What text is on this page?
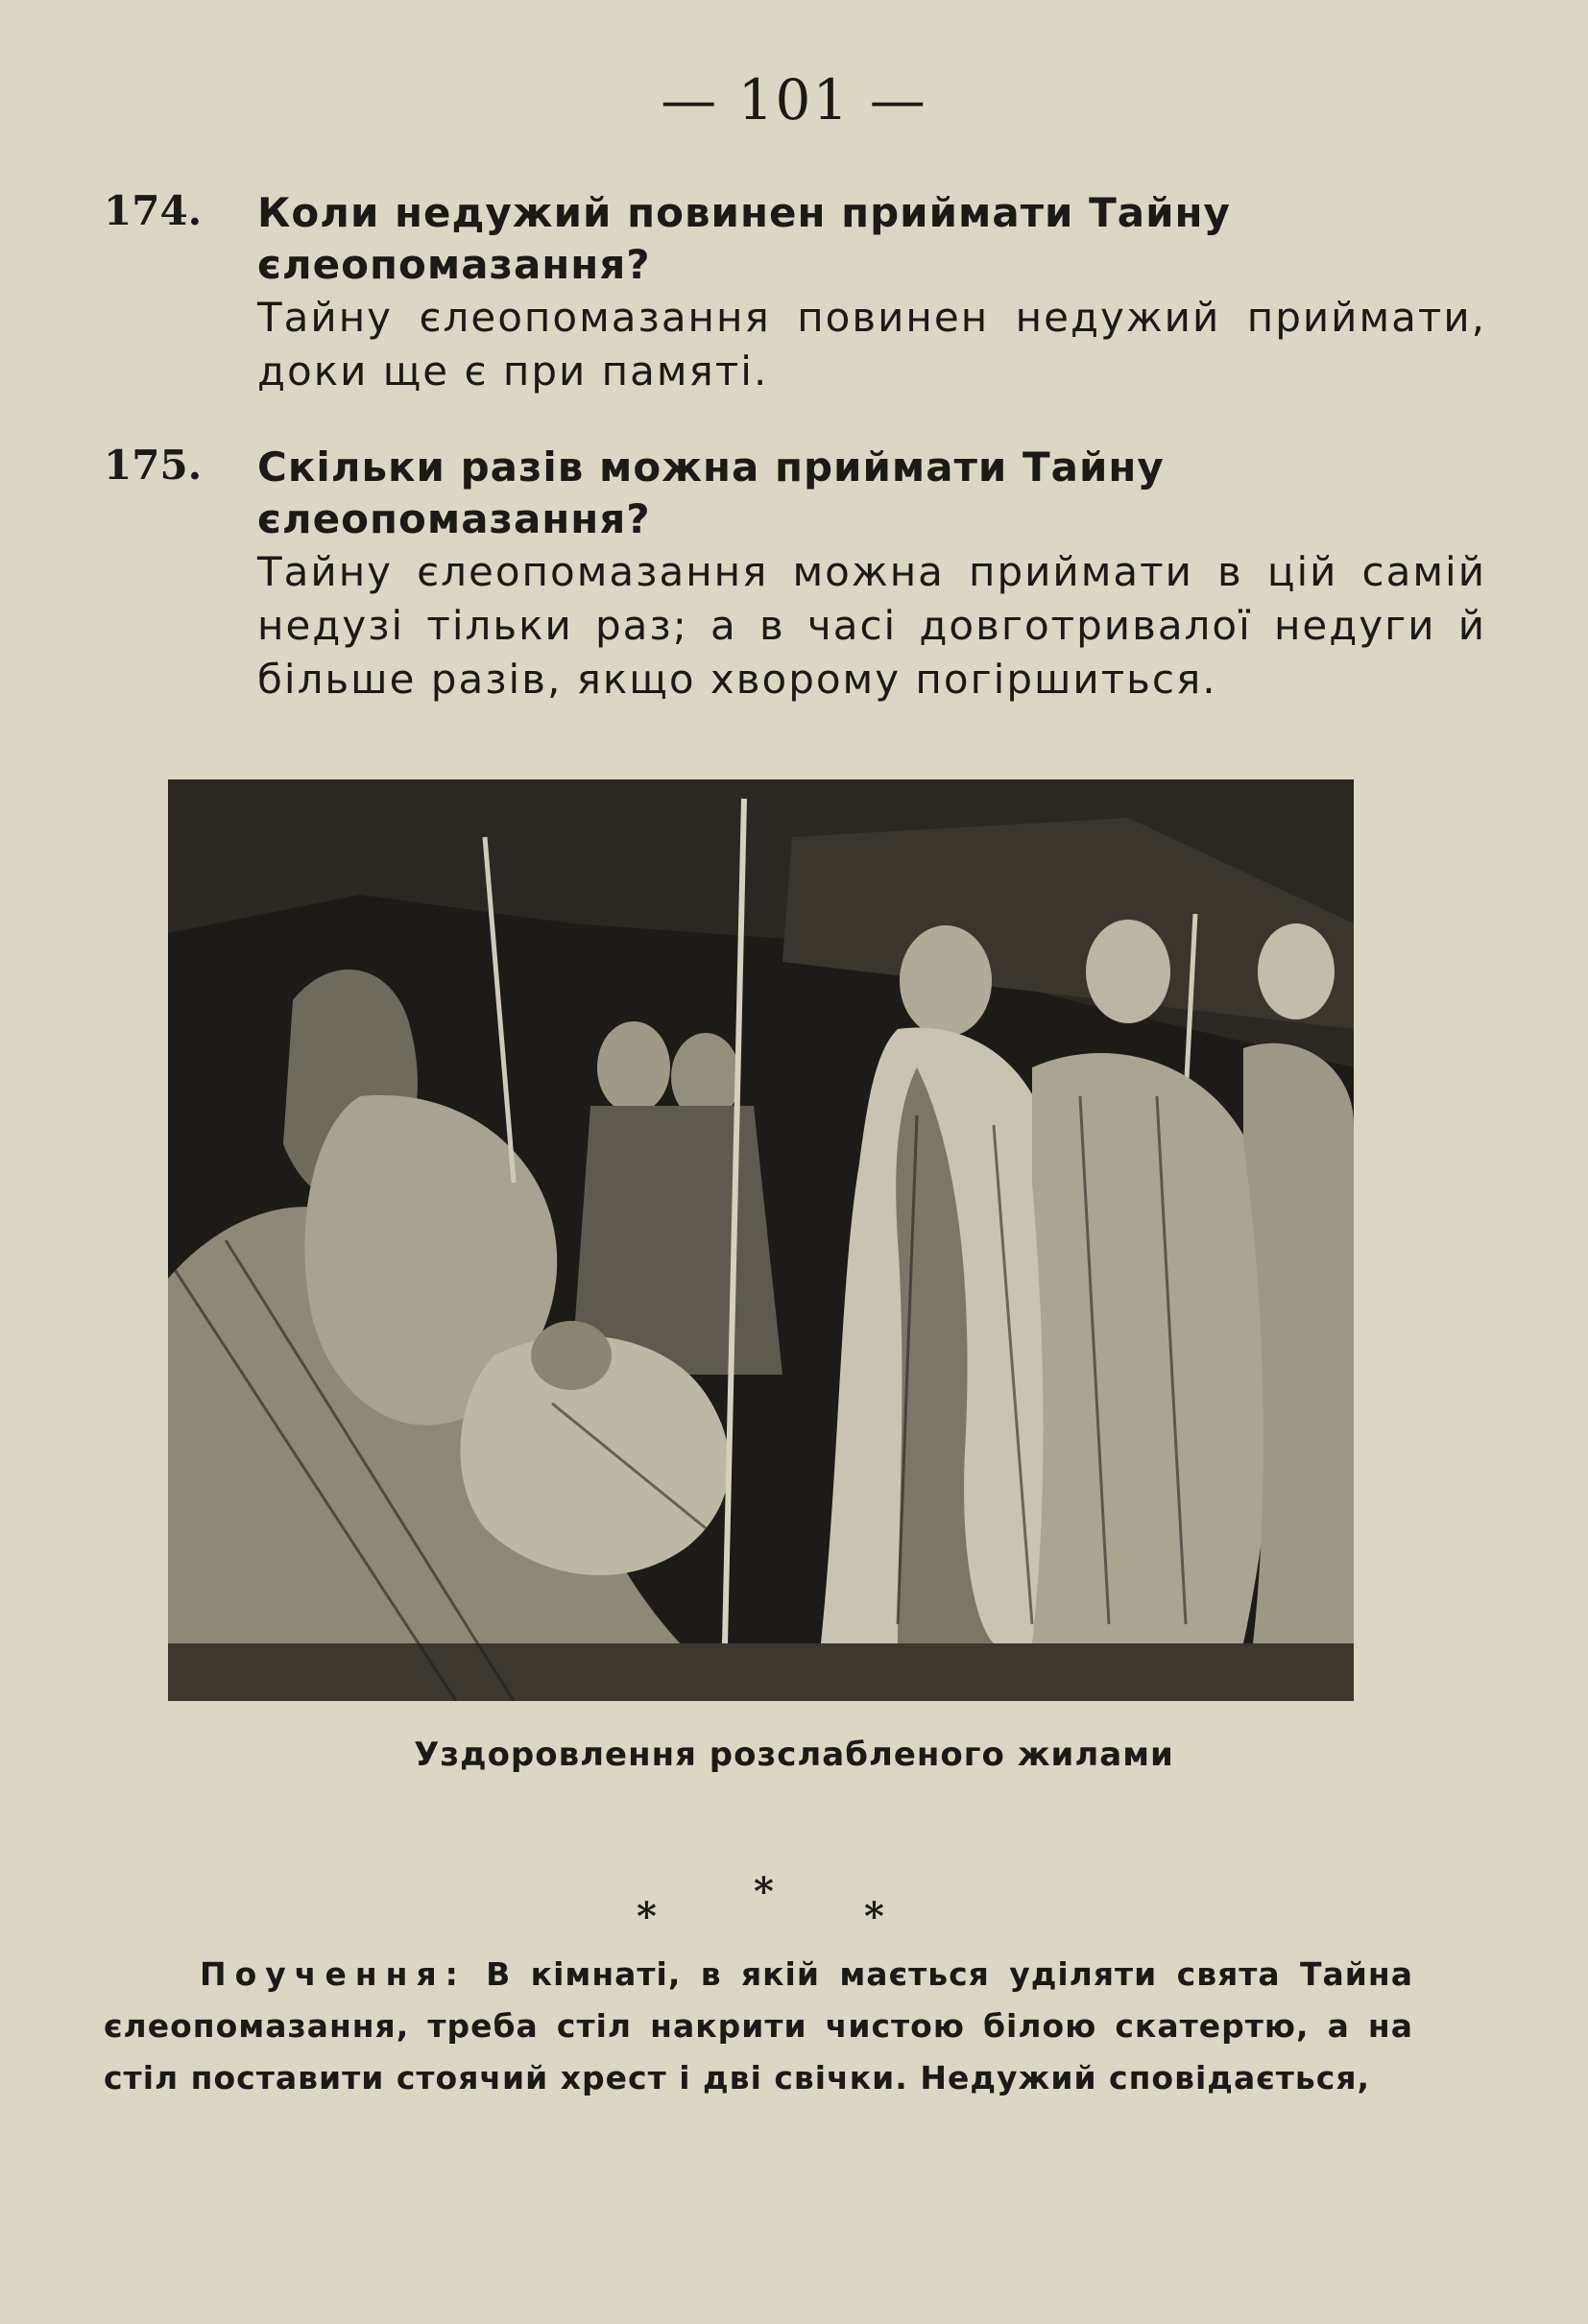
— 101 —
174. Коли недужий повинен приймати Тайну єлеопомазання?
Тайну єлеопомазання повинен недужий приймати, доки ще є при памяті.
175. Скільки разів можна приймати Тайну єлеопомазання?
Тайну єлеопомазання можна приймати в цій самій недузі тільки раз; а в часі довготривалої недуги й більше разів, якщо хворому погіршиться.
Уздоровлення розслабленого жилами
*
*
*
Поучення: В кімнаті, в якій мається уділяти свята Тайна єлеопомазання, треба стіл накрити чистою білою скатертю, а на стіл поставити стоячий хрест і дві свічки. Недужий сповідається,
